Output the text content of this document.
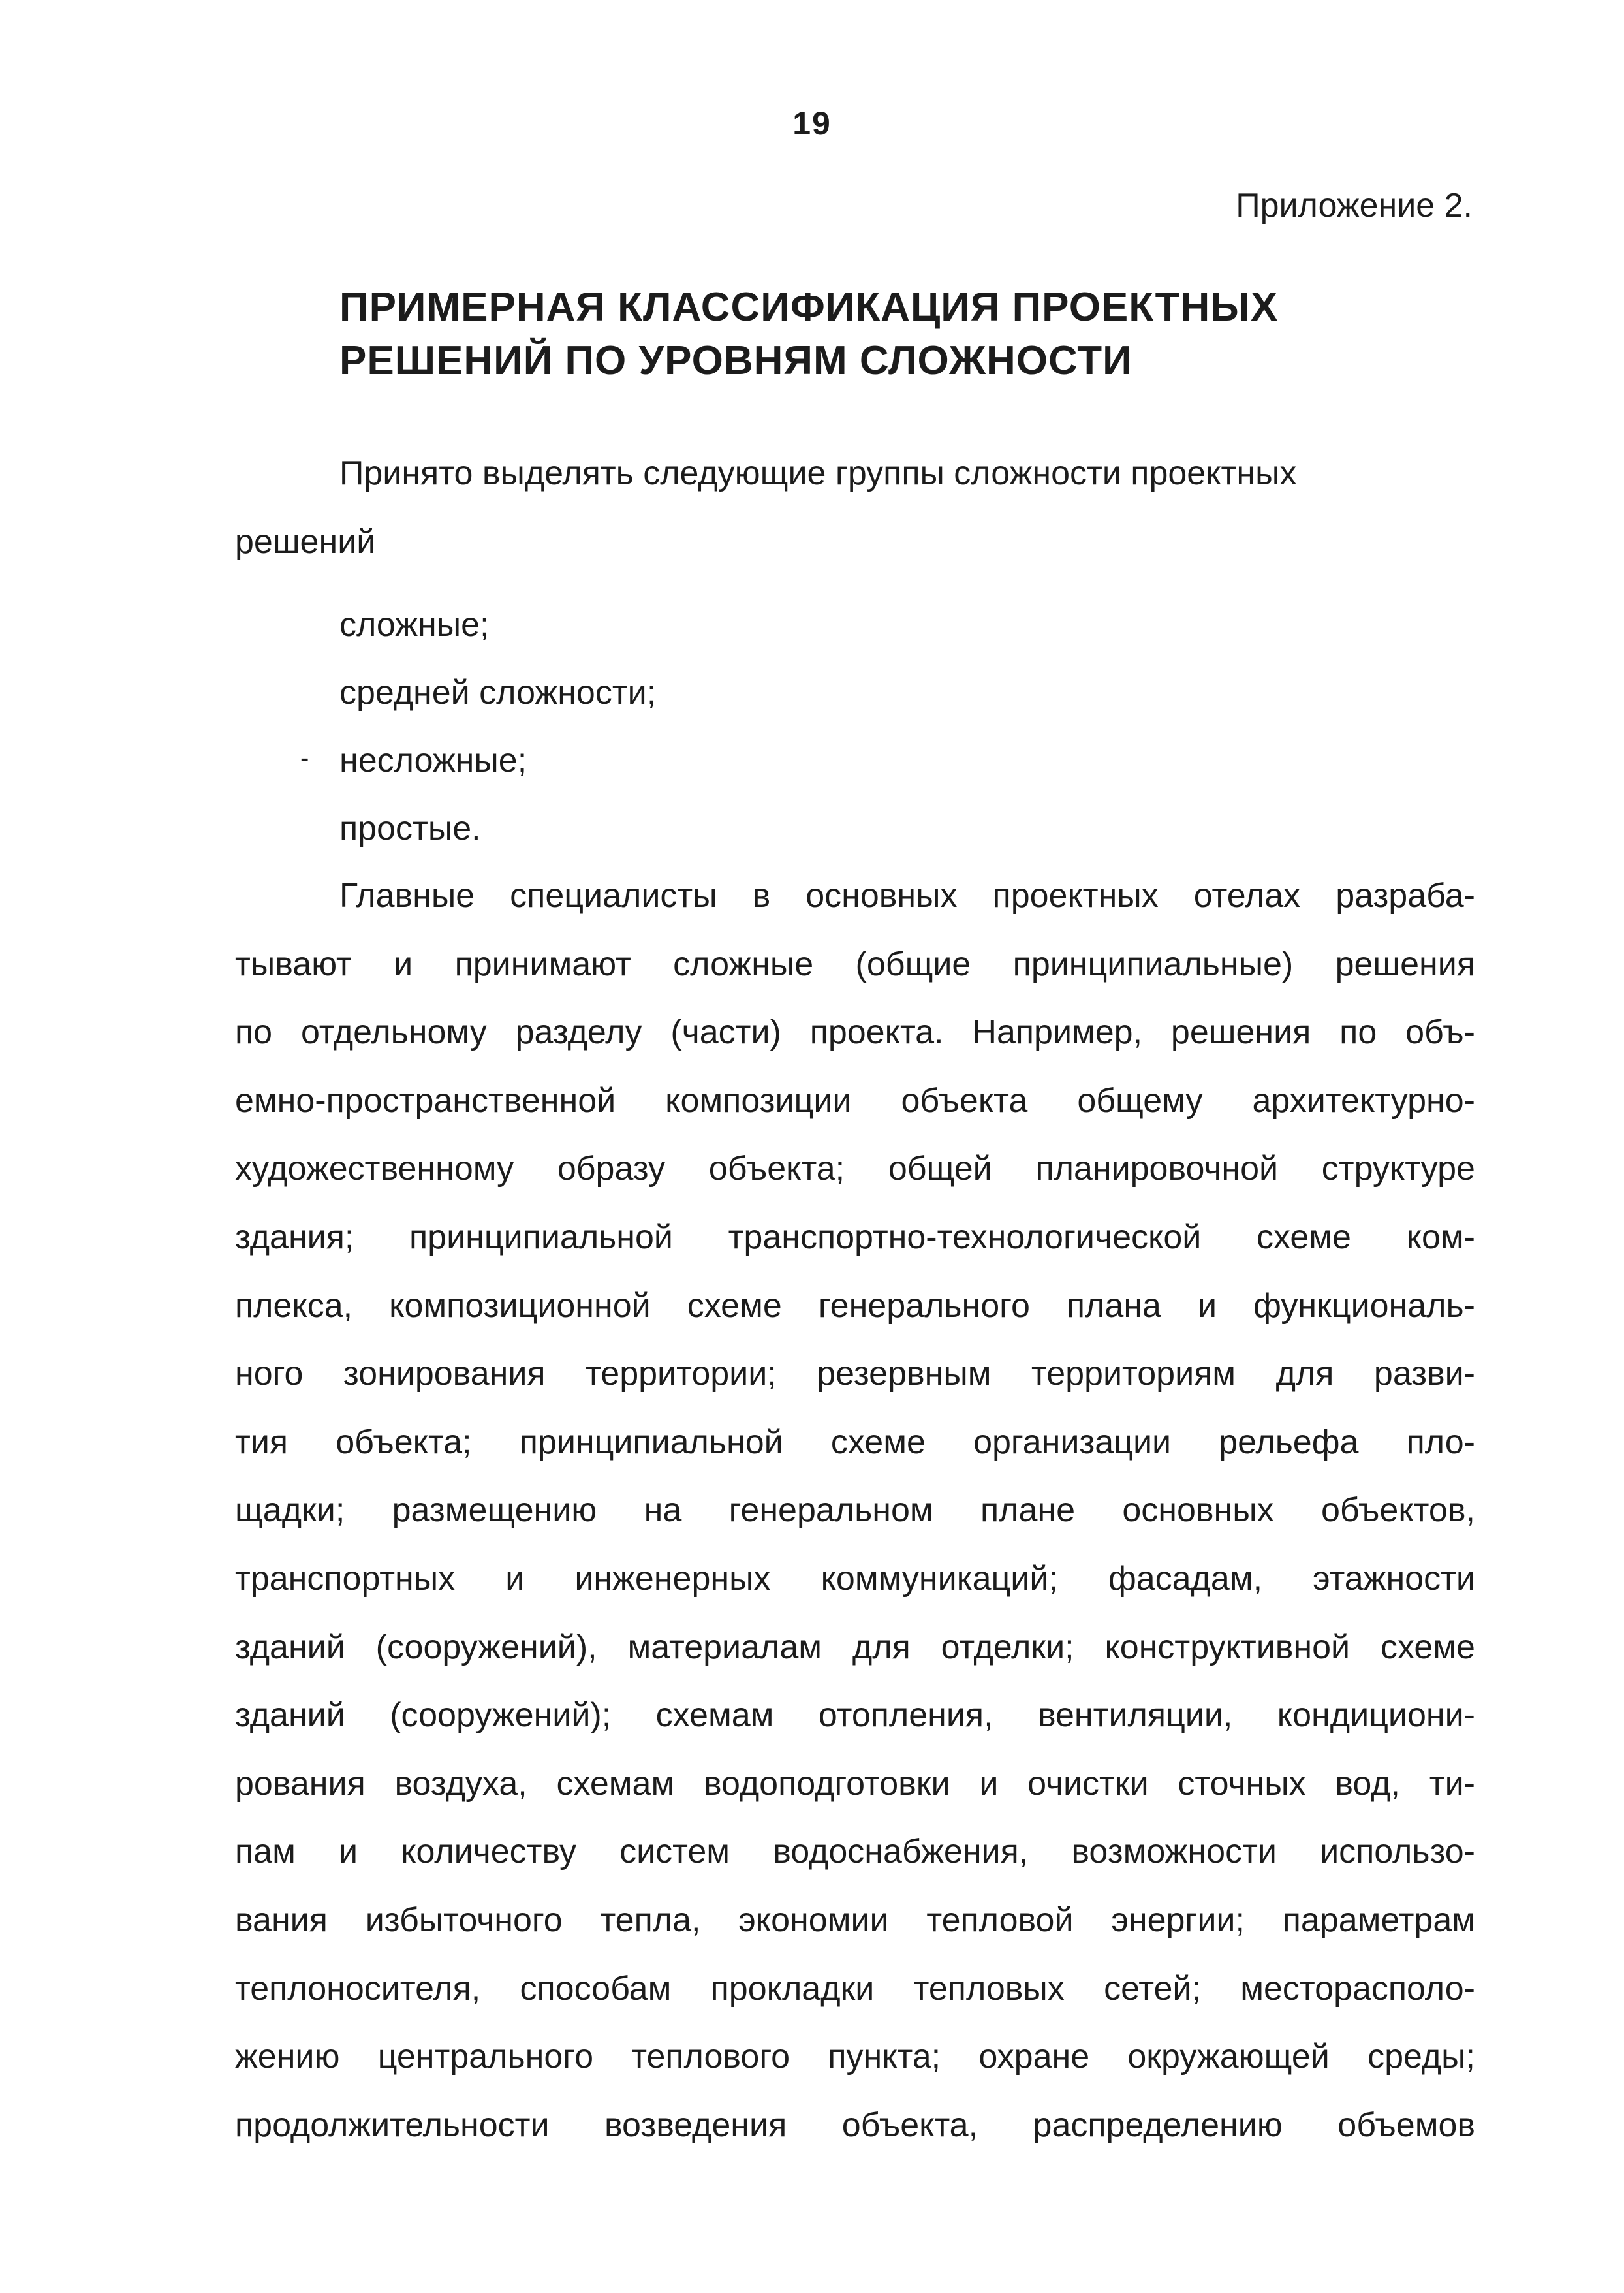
19
Приложение 2.
ПРИМЕРНАЯ КЛАССИФИКАЦИЯ ПРОЕКТНЫХ
РЕШЕНИЙ ПО УРОВНЯМ СЛОЖНОСТИ
Принято выделять следующие группы сложности проектных
решений
сложные;
средней сложности;
- несложные;
простые.
Главные специалисты в основных проектных отелах разраба-
тывают и принимают сложные (общие принципиальные) решения
по отдельному разделу (части) проекта. Например, решения по объ-
емно-пространственной композиции объекта общему архитектурно-
художественному образу объекта; общей планировочной структуре
здания; принципиальной транспортно-технологической схеме ком-
плекса, композиционной схеме генерального плана и функциональ-
ного зонирования территории; резервным территориям для разви-
тия объекта; принципиальной схеме организации рельефа пло-
щадки; размещению на генеральном плане основных объектов,
транспортных и инженерных коммуникаций; фасадам, этажности
зданий (сооружений), материалам для отделки; конструктивной схеме
зданий (сооружений); схемам отопления, вентиляции, кондициони-
рования воздуха, схемам водоподготовки и очистки сточных вод, ти-
пам и количеству систем водоснабжения, возможности использо-
вания избыточного тепла, экономии тепловой энергии; параметрам
теплоносителя, способам прокладки тепловых сетей; месторасполо-
жению центрального теплового пункта; охране окружающей среды;
продолжительности возведения объекта, распределению объемов
